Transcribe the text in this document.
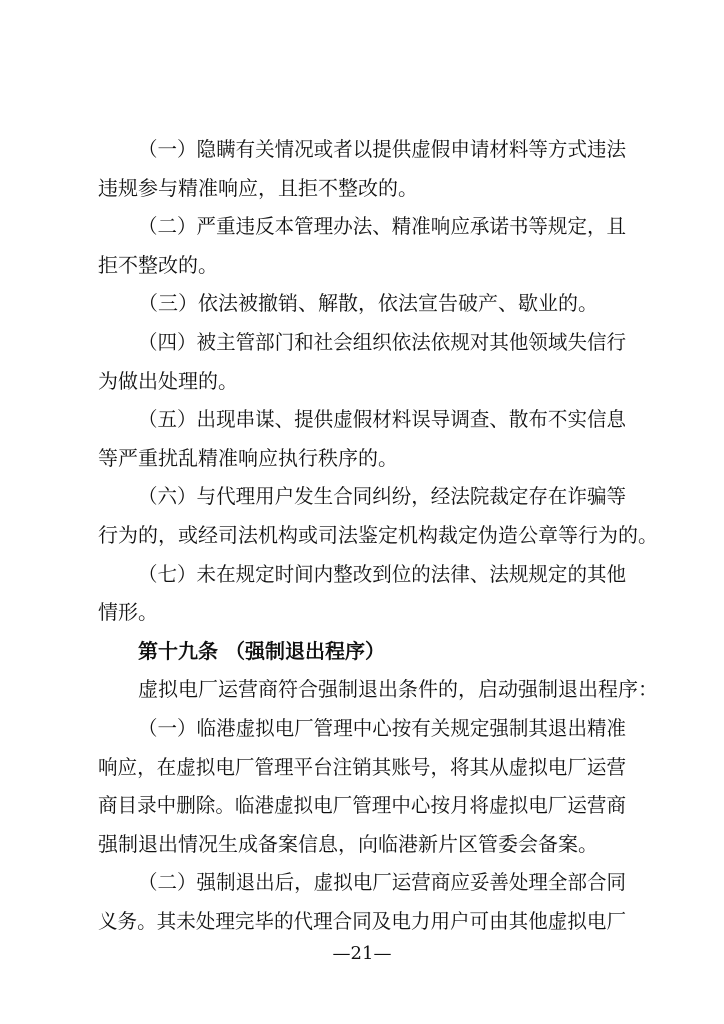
（一）隐瞒有关情况或者以提供虚假申请材料等方式违法
违规参与精准响应，且拒不整改的。
（二）严重违反本管理办法、精准响应承诺书等规定，且
拒不整改的。
（三）依法被撤销、解散，依法宣告破产、歇业的。
（四）被主管部门和社会组织依法依规对其他领域失信行
为做出处理的。
（五）出现串谋、提供虚假材料误导调查、散布不实信息
等严重扰乱精准响应执行秩序的。
（六）与代理用户发生合同纠纷，经法院裁定存在诈骗等
行为的，或经司法机构或司法鉴定机构裁定伪造公章等行为的。
（七）未在规定时间内整改到位的法律、法规规定的其他
情形。
第十九条 （强制退出程序）
虚拟电厂运营商符合强制退出条件的，启动强制退出程序：
（一）临港虚拟电厂管理中心按有关规定强制其退出精准
响应，在虚拟电厂管理平台注销其账号，将其从虚拟电厂运营
商目录中删除。临港虚拟电厂管理中心按月将虚拟电厂运营商
强制退出情况生成备案信息，向临港新片区管委会备案。
（二）强制退出后，虚拟电厂运营商应妥善处理全部合同
义务。其未处理完毕的代理合同及电力用户可由其他虚拟电厂
—21—
